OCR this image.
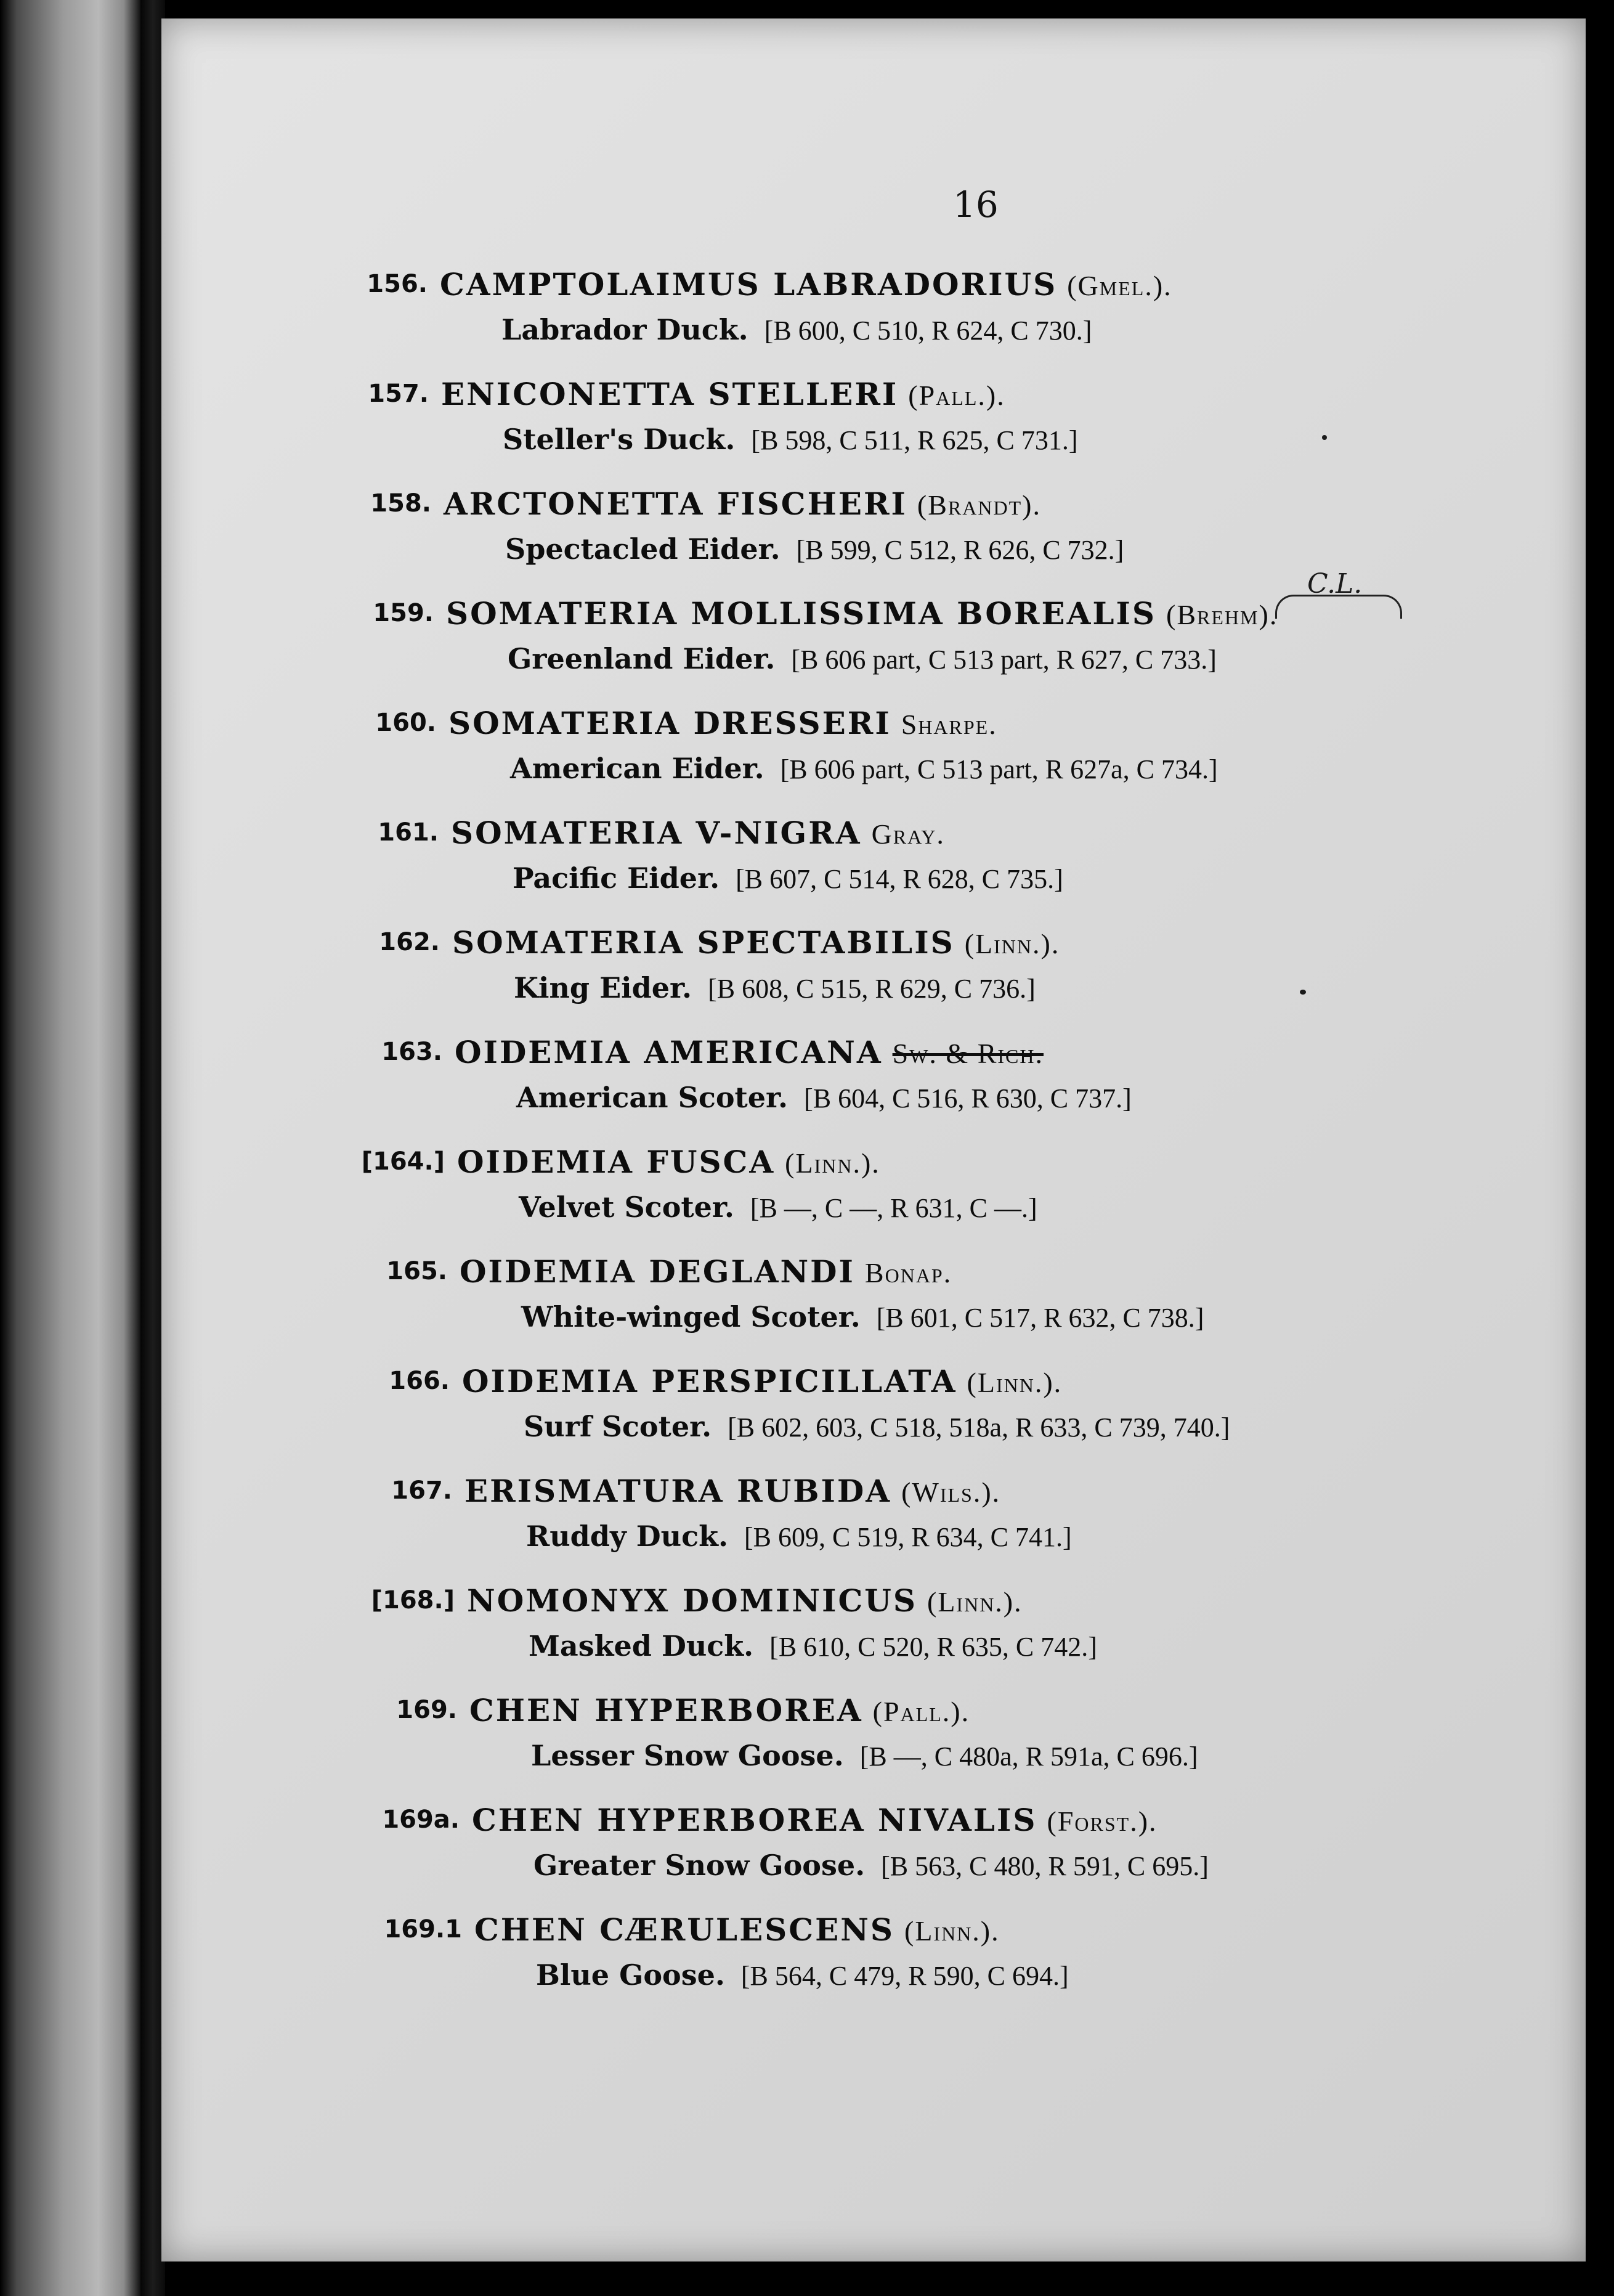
16
156. CAMPTOLAIMUS LABRADORIUS (Gmel.).
Labrador Duck. [B 600, C 510, R 624, C 730.]
157. ENICONETTA STELLERI (Pall.).
Steller's Duck. [B 598, C 511, R 625, C 731.]
158. ARCTONETTA FISCHERI (Brandt).
Spectacled Eider. [B 599, C 512, R 626, C 732.]
159. SOMATERIA MOLLISSIMA BOREALIS (Brehm).
Greenland Eider. [B 606 part, C 513 part, R 627, C 733.]
160. SOMATERIA DRESSERI Sharpe.
American Eider. [B 606 part, C 513 part, R 627a, C 734.]
161. SOMATERIA V-NIGRA Gray.
Pacific Eider. [B 607, C 514, R 628, C 735.]
162. SOMATERIA SPECTABILIS (Linn.).
King Eider. [B 608, C 515, R 629, C 736.]
163. OIDEMIA AMERICANA Sw. & Rich.
American Scoter. [B 604, C 516, R 630, C 737.]
[164.] OIDEMIA FUSCA (Linn.).
Velvet Scoter. [B —, C —, R 631, C —.]
165. OIDEMIA DEGLANDI Bonap.
White-winged Scoter. [B 601, C 517, R 632, C 738.]
166. OIDEMIA PERSPICILLATA (Linn.).
Surf Scoter. [B 602, 603, C 518, 518a, R 633, C 739, 740.]
167. ERISMATURA RUBIDA (Wils.).
Ruddy Duck. [B 609, C 519, R 634, C 741.]
[168.] NOMONYX DOMINICUS (Linn.).
Masked Duck. [B 610, C 520, R 635, C 742.]
169. CHEN HYPERBOREA (Pall.).
Lesser Snow Goose. [B —, C 480a, R 591a, C 696.]
169a. CHEN HYPERBOREA NIVALIS (Forst.).
Greater Snow Goose. [B 563, C 480, R 591, C 695.]
169.1 CHEN CÆRULESCENS (Linn.).
Blue Goose. [B 564, C 479, R 590, C 694.]
C.L.
